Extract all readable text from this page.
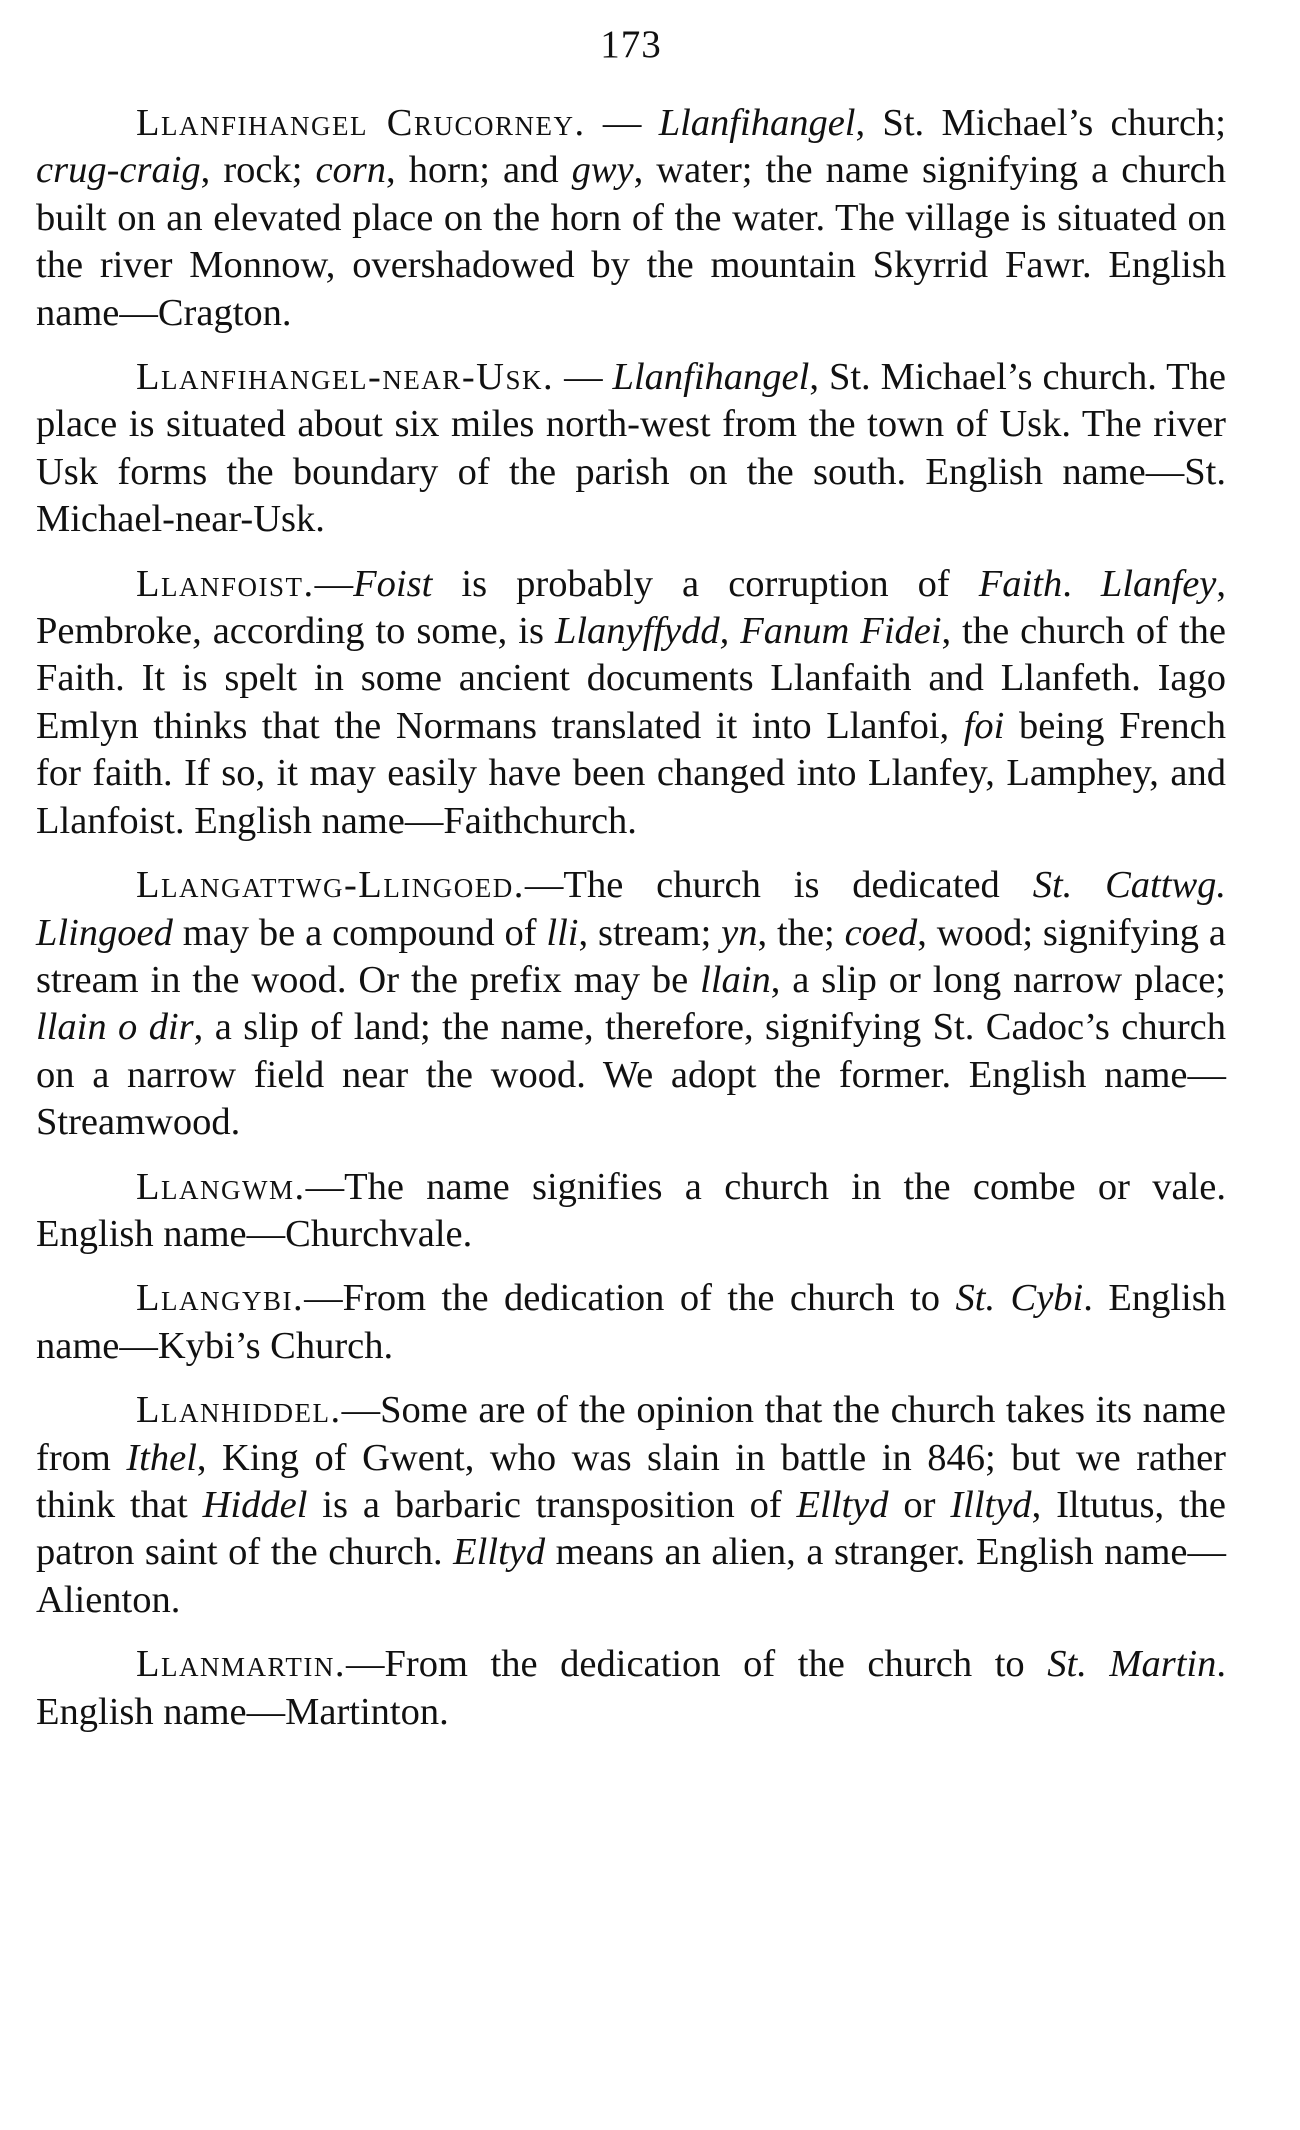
173

Llanfihangel Crucorney. — Llanfihangel, St. Michael’s church; crug-craig, rock; corn, horn; and gwy, water; the name signifying a church built on an elevated place on the horn of the water. The village is situated on the river Monnow, overshadowed by the mountain Skyrrid Fawr. English name—Cragton.

Llanfihangel-near-Usk. — Llanfihangel, St. Michael’s church. The place is situated about six miles north-west from the town of Usk. The river Usk forms the boundary of the parish on the south. English name—St. Michael-near-Usk.

Llanfoist.—Foist is probably a corruption of Faith. Llanfey, Pembroke, according to some, is Llanyffydd, Fanum Fidei, the church of the Faith. It is spelt in some ancient documents Llanfaith and Llanfeth. Iago Emlyn thinks that the Normans translated it into Llanfoi, foi being French for faith. If so, it may easily have been changed into Llanfey, Lamphey, and Llanfoist. English name—Faithchurch.

Llangattwg-Llingoed.—The church is dedicated St. Cattwg. Llingoed may be a compound of lli, stream; yn, the; coed, wood; signifying a stream in the wood. Or the prefix may be llain, a slip or long narrow place; llain o dir, a slip of land; the name, therefore, signifying St. Cadoc’s church on a narrow field near the wood. We adopt the former. English name—Streamwood.

Llangwm.—The name signifies a church in the combe or vale. English name—Churchvale.

Llangybi.—From the dedication of the church to St. Cybi. English name—Kybi’s Church.

Llanhiddel.—Some are of the opinion that the church takes its name from Ithel, King of Gwent, who was slain in battle in 846; but we rather think that Hiddel is a barbaric transposition of Elltyd or Illtyd, Iltutus, the patron saint of the church. Elltyd means an alien, a stranger. English name—Alienton.

Llanmartin.—From the dedication of the church to St. Martin. English name—Martinton.
